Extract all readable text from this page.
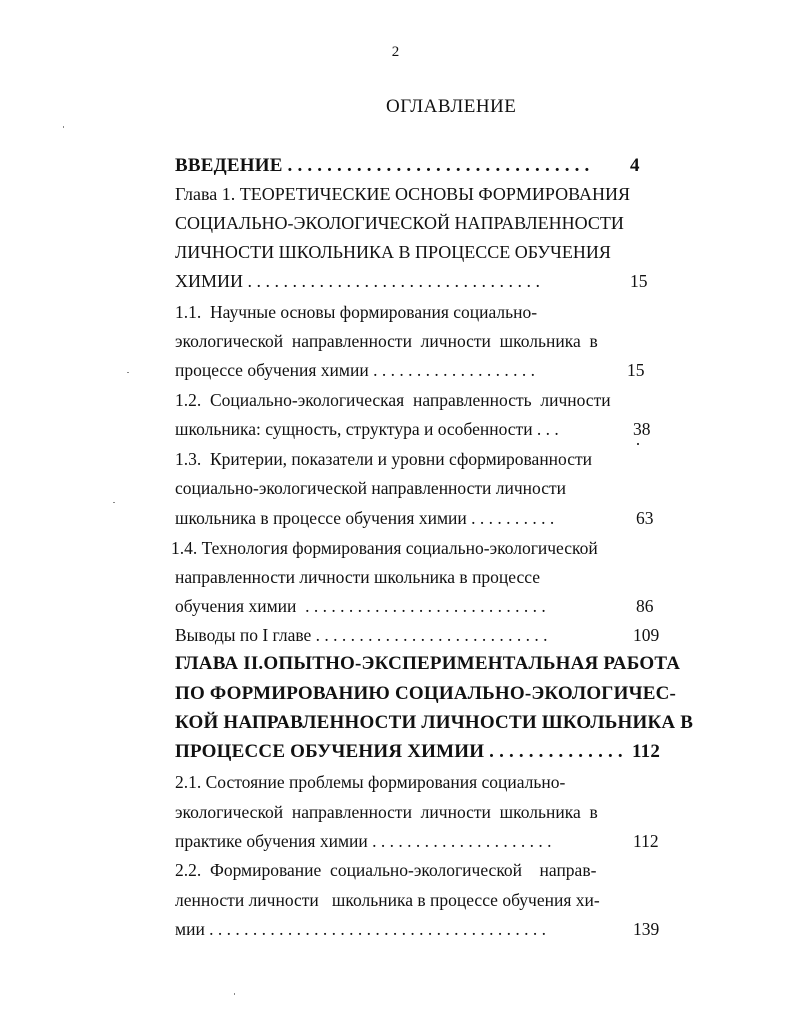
2
ОГЛАВЛЕНИЕ
ВВЕДЕНИЕ . . . . . . . . . . . . . . . . . . . . . . . . . . . . . . . 4
Глава 1. ТЕОРЕТИЧЕСКИЕ ОСНОВЫ ФОРМИРОВАНИЯ
СОЦИАЛЬНО-ЭКОЛОГИЧЕСКОЙ НАПРАВЛЕННОСТИ
ЛИЧНОСТИ ШКОЛЬНИКА В ПРОЦЕССЕ ОБУЧЕНИЯ
ХИМИИ . . . . . . . . . . . . . . . . . . . . . . . . . . . . . . . . .	15
1.1.  Научные основы формирования социально-
экологической  направленности  личности  школьника  в
процессе обучения химии . . . . . . . . . . . . . . . . . . .	15
1.2.  Социально-экологическая  направленность  личности
школьника: сущность, структура и особенности . . .	38
1.3.  Критерии, показатели и уровни сформированности
социально-экологической направленности личности
школьника в процессе обучения химии . . . . . . . . . .	63
1.4. Технология формирования социально-экологической
направленности личности школьника в процессе
обучения химии  . . . . . . . . . . . . . . . . . . . . . . . . . . . .	86
Выводы по I главе . . . . . . . . . . . . . . . . . . . . . . . . . . .	109
ГЛАВА II.ОПЫТНО-ЭКСПЕРИМЕНТАЛЬНАЯ РАБОТА
ПО ФОРМИРОВАНИЮ СОЦИАЛЬНО-ЭКОЛОГИЧЕС-
КОЙ НАПРАВЛЕННОСТИ ЛИЧНОСТИ ШКОЛЬНИКА В
ПРОЦЕССЕ ОБУЧЕНИЯ ХИМИИ . . . . . . . . . . . . . . 112
2.1. Состояние проблемы формирования социально-
экологической  направленности  личности  школьника  в
практике обучения химии . . . . . . . . . . . . . . . . . . . . .	112
2.2.  Формирование  социально-экологической    направ-
ленности личности   школьника в процессе обучения хи-
мии . . . . . . . . . . . . . . . . . . . . . . . . . . . . . . . . . . . . . . .	139
